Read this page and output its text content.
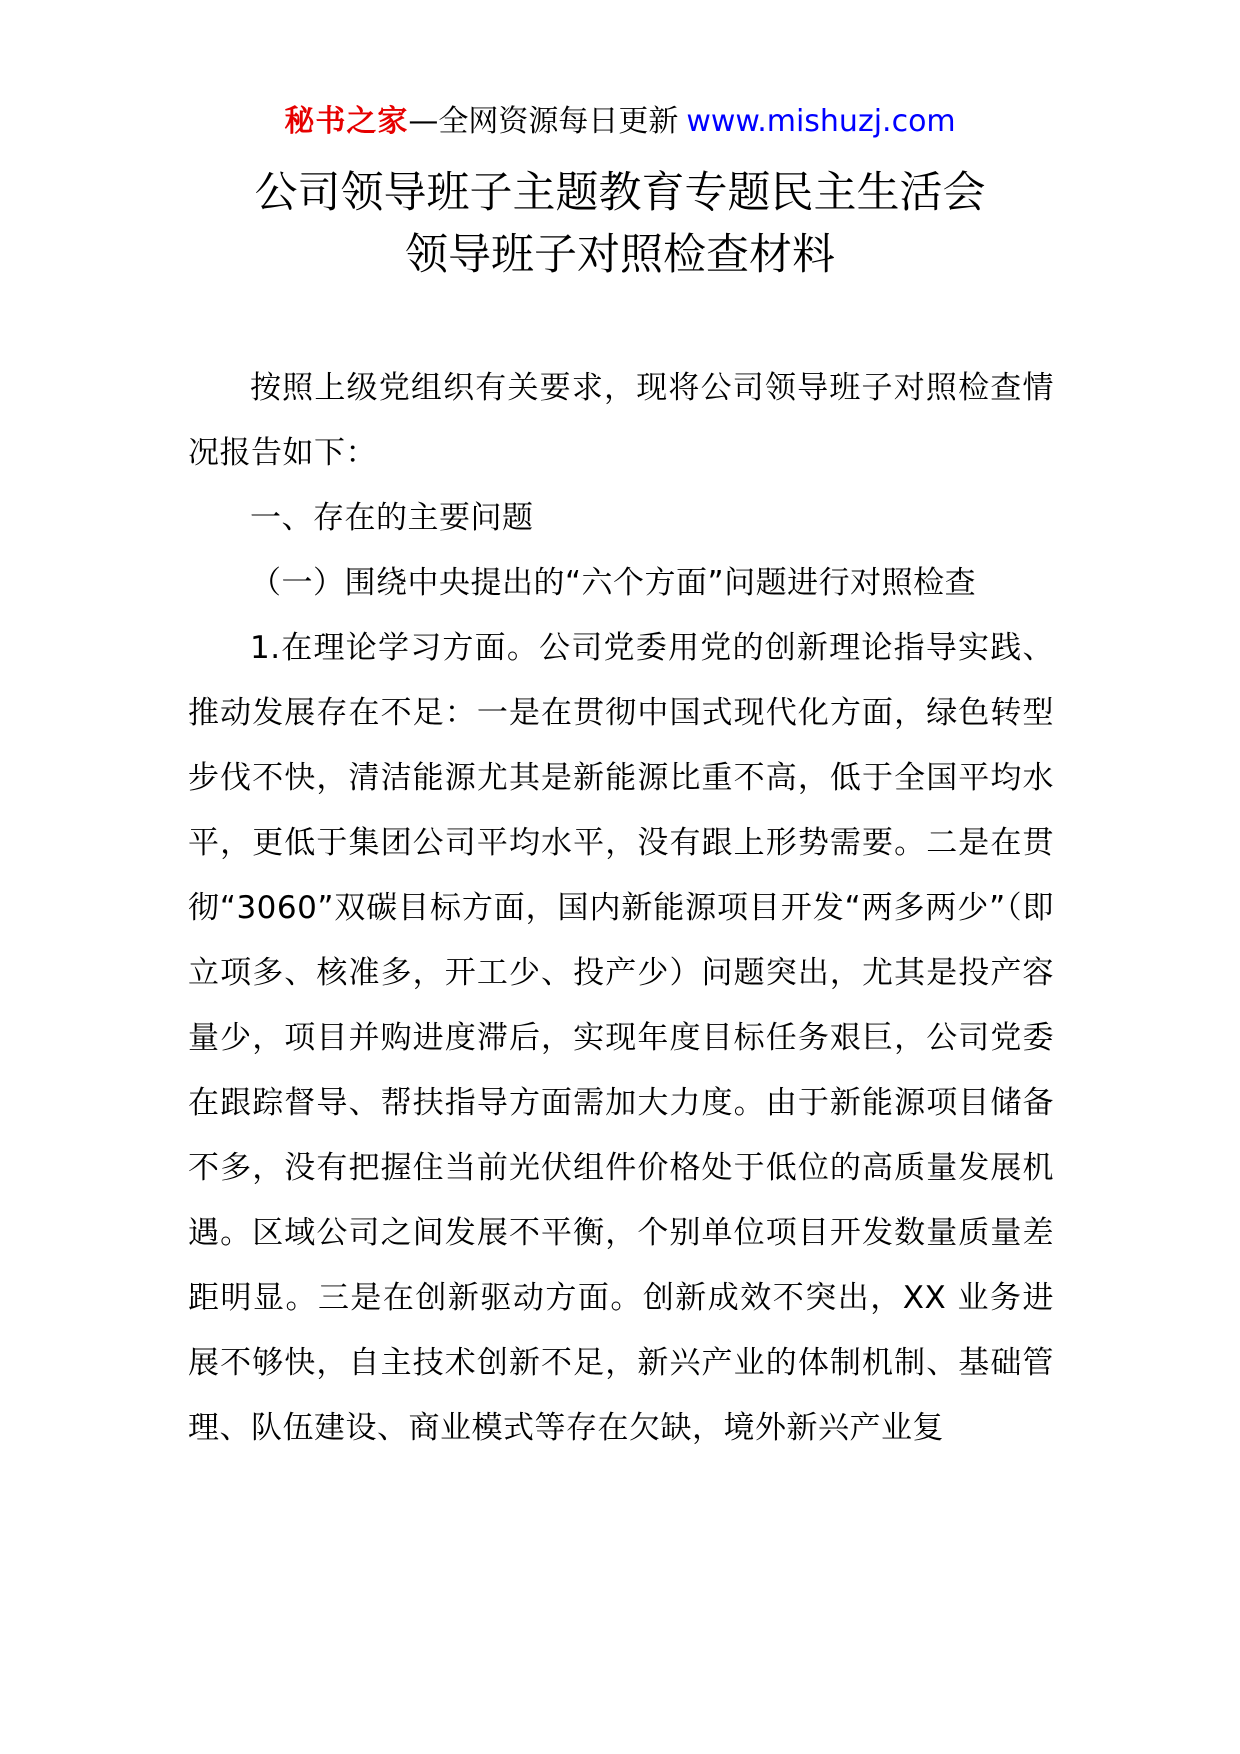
秘书之家—全网资源每日更新 www.mishuzj.com
公司领导班子主题教育专题民主生活会
领导班子对照检查材料

按照上级党组织有关要求，现将公司领导班子对照检查情况报告如下：

一、存在的主要问题

（一）围绕中央提出的“六个方面”问题进行对照检查

1.在理论学习方面。公司党委用党的创新理论指导实践、推动发展存在不足：一是在贯彻中国式现代化方面，绿色转型步伐不快，清洁能源尤其是新能源比重不高，低于全国平均水平，更低于集团公司平均水平，没有跟上形势需要。二是在贯彻“3060”双碳目标方面，国内新能源项目开发“两多两少”（即立项多、核准多，开工少、投产少）问题突出，尤其是投产容量少，项目并购进度滞后，实现年度目标任务艰巨，公司党委在跟踪督导、帮扶指导方面需加大力度。由于新能源项目储备不多，没有把握住当前光伏组件价格处于低位的高质量发展机遇。区域公司之间发展不平衡，个别单位项目开发数量质量差距明显。三是在创新驱动方面。创新成效不突出，XX 业务进展不够快，自主技术创新不足，新兴产业的体制机制、基础管理、队伍建设、商业模式等存在欠缺，境外新兴产业复
